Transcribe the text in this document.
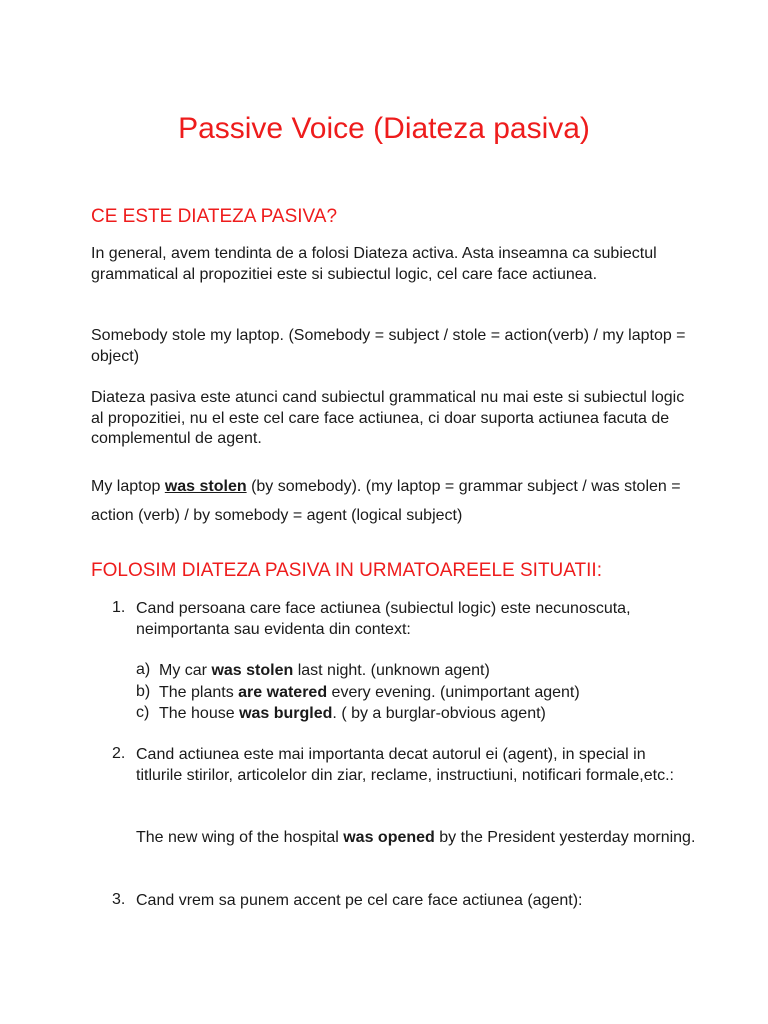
Passive Voice (Diateza pasiva)
CE ESTE DIATEZA PASIVA?
In general, avem tendinta de a folosi Diateza activa. Asta inseamna ca subiectul grammatical al propozitiei este si subiectul logic, cel care face actiunea.
Somebody stole my laptop. (Somebody = subject / stole = action(verb) / my laptop = object)
Diateza pasiva este atunci cand subiectul grammatical nu mai este si subiectul logic al propozitiei, nu el este cel care face actiunea, ci doar suporta actiunea facuta de complementul de agent.
My laptop was stolen (by somebody). (my laptop = grammar subject / was stolen = action (verb) / by somebody = agent (logical subject)
FOLOSIM DIATEZA PASIVA IN URMATOAREELE SITUATII:
1. Cand persoana care face actiunea (subiectul logic) este necunoscuta, neimportanta sau evidenta din context:
a) My car was stolen last night. (unknown agent)
b) The plants are watered every evening. (unimportant agent)
c) The house was burgled. ( by a burglar-obvious agent)
2. Cand actiunea este mai importanta decat autorul ei (agent), in special in titlurile stirilor, articolelor din ziar, reclame, instructiuni, notificari formale,etc.:
The new wing of the hospital was opened by the President yesterday morning.
3. Cand vrem sa punem accent pe cel care face actiunea (agent):
